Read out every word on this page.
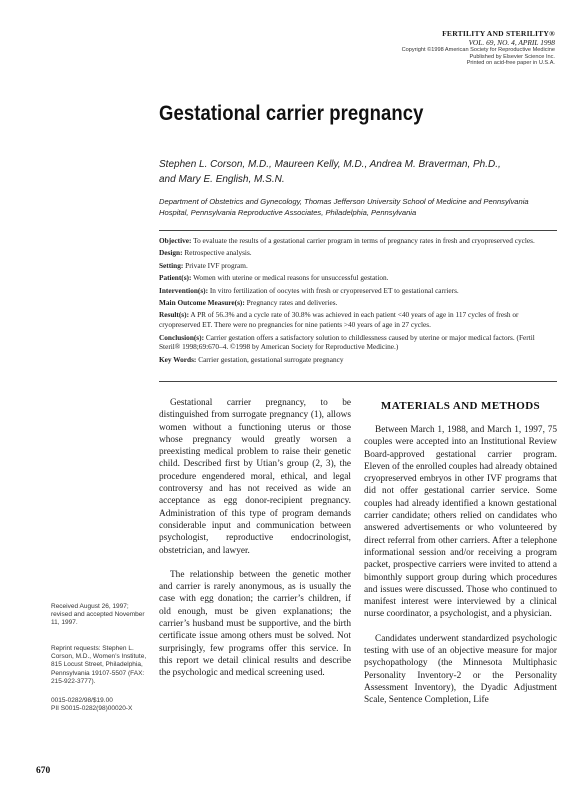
FERTILITY AND STERILITY®
VOL. 69, NO. 4, APRIL 1998
Copyright ©1998 American Society for Reproductive Medicine
Published by Elsevier Science Inc.
Printed on acid-free paper in U.S.A.
Gestational carrier pregnancy
Stephen L. Corson, M.D., Maureen Kelly, M.D., Andrea M. Braverman, Ph.D.,
and Mary E. English, M.S.N.
Department of Obstetrics and Gynecology, Thomas Jefferson University School of Medicine and Pennsylvania Hospital, Pennsylvania Reproductive Associates, Philadelphia, Pennsylvania

Objective: To evaluate the results of a gestational carrier program in terms of pregnancy rates in fresh and cryopreserved cycles.

Design: Retrospective analysis.

Setting: Private IVF program.

Patient(s): Women with uterine or medical reasons for unsuccessful gestation.

Intervention(s): In vitro fertilization of oocytes with fresh or cryopreserved ET to gestational carriers.

Main Outcome Measure(s): Pregnancy rates and deliveries.

Result(s): A PR of 56.3% and a cycle rate of 30.8% was achieved in each patient <40 years of age in 117 cycles of fresh or cryopreserved ET. There were no pregnancies for nine patients >40 years of age in 27 cycles.

Conclusion(s): Carrier gestation offers a satisfactory solution to childlessness caused by uterine or major medical factors. (Fertil Steril® 1998;69:670–4. ©1998 by American Society for Reproductive Medicine.)

Key Words: Carrier gestation, gestational surrogate pregnancy

Gestational carrier pregnancy, to be distinguished from surrogate pregnancy (1), allows women without a functioning uterus or those whose pregnancy would greatly worsen a preexisting medical problem to raise their genetic child. Described first by Utian’s group (2, 3), the procedure engendered moral, ethical, and legal controversy and has not received as wide an acceptance as egg donor-recipient pregnancy. Administration of this type of program demands considerable input and communication between psychologist, reproductive endocrinologist, obstetrician, and lawyer.

The relationship between the genetic mother and carrier is rarely anonymous, as is usually the case with egg donation; the carrier’s children, if old enough, must be given explanations; the carrier’s husband must be supportive, and the birth certificate issue among others must be solved. Not surprisingly, few programs offer this service. In this report we detail clinical results and describe the psychologic and medical screening used.

MATERIALS AND METHODS

Between March 1, 1988, and March 1, 1997, 75 couples were accepted into an Institutional Review Board-approved gestational carrier program. Eleven of the enrolled couples had already obtained cryopreserved embryos in other IVF programs that did not offer gestational carrier service. Some couples had already identified a known gestational carrier candidate; others relied on candidates who answered advertisements or who volunteered by direct referral from other carriers. After a telephone informational session and/or receiving a program packet, prospective carriers were invited to attend a bimonthly support group during which procedures and issues were discussed. Those who continued to manifest interest were interviewed by a clinical nurse coordinator, a psychologist, and a physician.

Candidates underwent standardized psychologic testing with use of an objective measure for major psychopathology (the Minnesota Multiphasic Personality Inventory-2 or the Personality Assessment Inventory), the Dyadic Adjustment Scale, Sentence Completion, Life

Received August 26, 1997; revised and accepted November 11, 1997.

Reprint requests: Stephen L. Corson, M.D., Women’s Institute, 815 Locust Street, Philadelphia, Pennsylvania 19107-5507 (FAX: 215-922-3777).

0015-0282/98/$19.00

PII S0015-0282(98)00020-X

670
